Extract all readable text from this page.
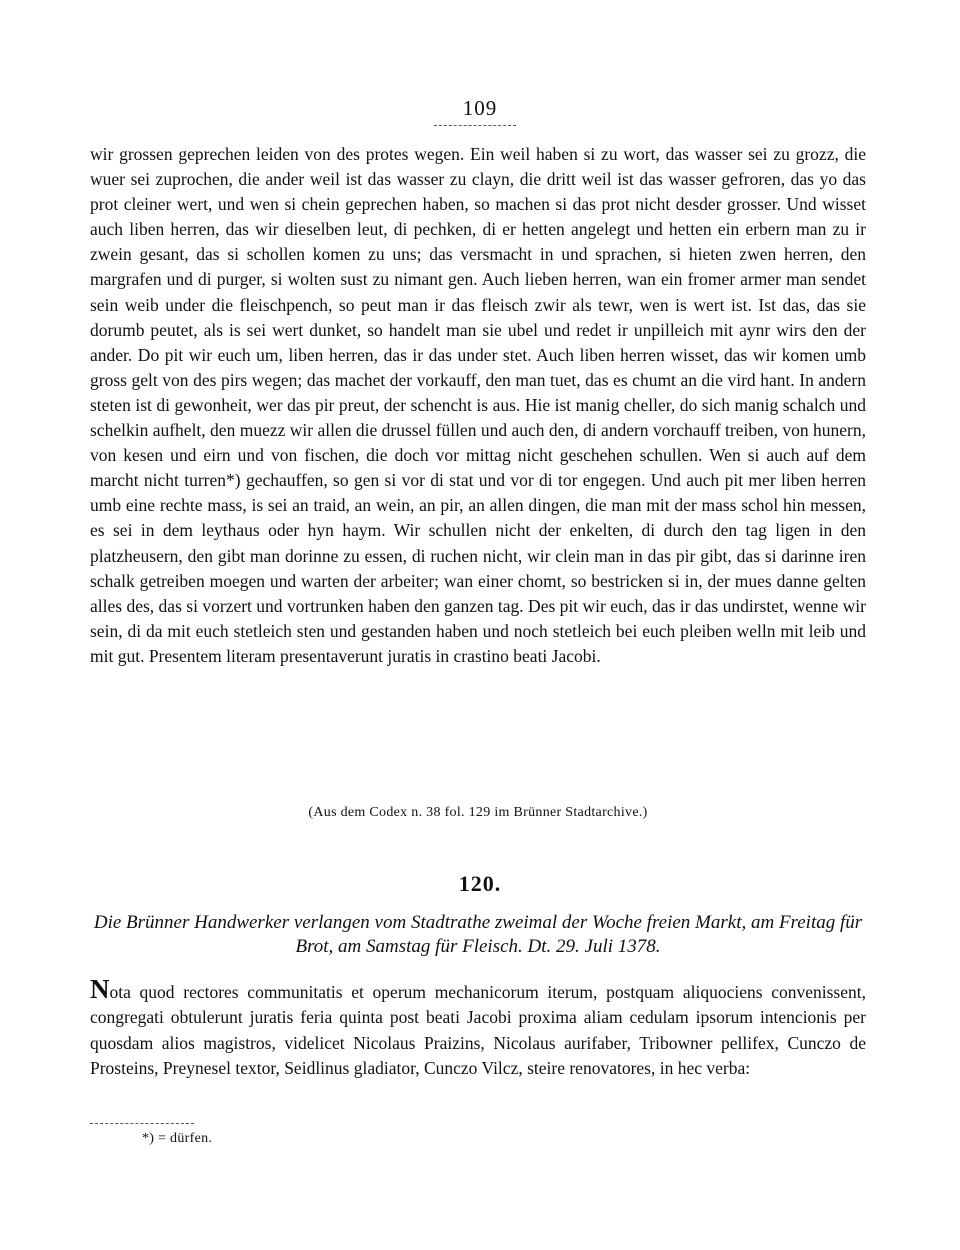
109

wir grossen geprechen leiden von des protes wegen. Ein weil haben si zu wort, das wasser sei zu grozz, die wuer sei zuprochen, die ander weil ist das wasser zu clayn, die dritt weil ist das wasser gefroren, das yo das prot cleiner wert, und wen si chein geprechen haben, so machen si das prot nicht desder grosser. Und wisset auch liben herren, das wir dieselben leut, di pechken, di er hetten angelegt und hetten ein erbern man zu ir zwein gesant, das si schollen komen zu uns; das versmacht in und sprachen, si hieten zwen herren, den margrafen und di purger, si wolten sust zu nimant gen. Auch lieben herren, wan ein fromer armer man sendet sein weib under die fleischpench, so peut man ir das fleisch zwir als tewr, wen is wert ist. Ist das, das sie dorumb peutet, als is sei wert dunket, so handelt man sie ubel und redet ir unpilleich mit aynr wirs den der ander. Do pit wir euch um, liben herren, das ir das under stet. Auch liben herren wisset, das wir komen umb gross gelt von des pirs wegen; das machet der vorkauff, den man tuet, das es chumt an die vird hant. In andern steten ist di gewonheit, wer das pir preut, der schencht is aus. Hie ist manig cheller, do sich manig schalch und schelkin aufhelt, den muezz wir allen die drussel füllen und auch den, di andern vorchauff treiben, von hunern, von kesen und eirn und von fischen, die doch vor mittag nicht geschehen schullen. Wen si auch auf dem marcht nicht turren*) gechauffen, so gen si vor di stat und vor di tor engegen. Und auch pit mer liben herren umb eine rechte mass, is sei an traid, an wein, an pir, an allen dingen, die man mit der mass schol hin messen, es sei in dem leythaus oder hyn haym. Wir schullen nicht der enkelten, di durch den tag ligen in den platzheusern, den gibt man dorinne zu essen, di ruchen nicht, wir clein man in das pir gibt, das si darinne iren schalk getreiben moegen und warten der arbeiter; wan einer chomt, so bestricken si in, der mues danne gelten alles des, das si vorzert und vortrunken haben den ganzen tag. Des pit wir euch, das ir das undirstet, wenne wir sein, di da mit euch stetleich sten und gestanden haben und noch stetleich bei euch pleiben welln mit leib und mit gut. Presentem literam presentaverunt juratis in crastino beati Jacobi.

(Aus dem Codex n. 38 fol. 129 im Brünner Stadtarchive.)
120.

Die Brünner Handwerker verlangen vom Stadtrathe zweimal der Woche freien Markt, am Freitag für Brot, am Samstag für Fleisch. Dt. 29. Juli 1378.

Nota quod rectores communitatis et operum mechanicorum iterum, postquam aliquociens convenissent, congregati obtulerunt juratis feria quinta post beati Jacobi proxima aliam cedulam ipsorum intencionis per quosdam alios magistros, videlicet Nicolaus Praizins, Nicolaus aurifaber, Tribowner pellifex, Cunczo de Prosteins, Preynesel textor, Seidlinus gladiator, Cunczo Vilcz, steire renovatores, in hec verba:

*) = dürfen.
